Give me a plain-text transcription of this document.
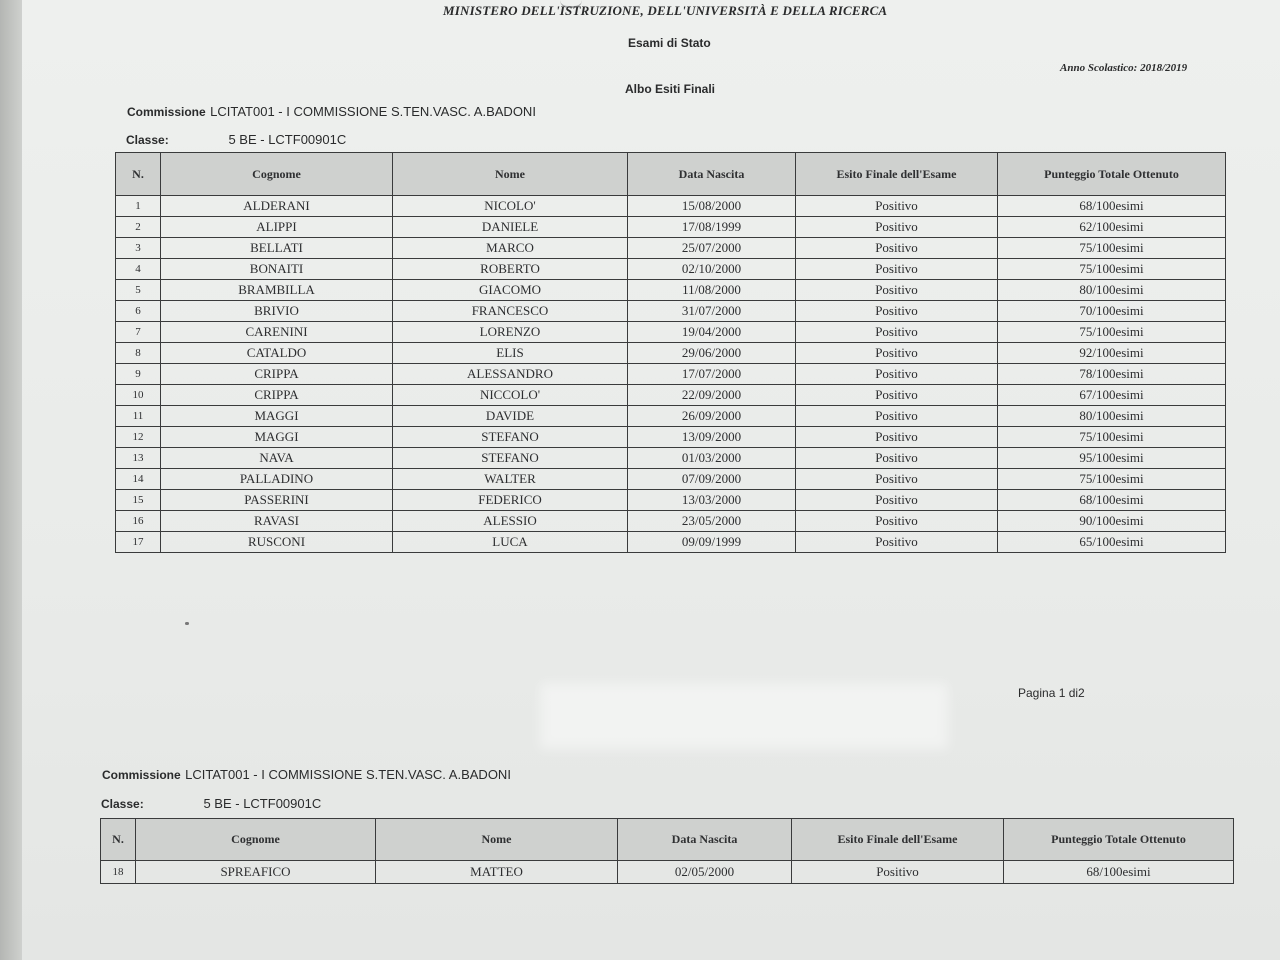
MINISTERO DELL'ISTRUZIONE, DELL'UNIVERSITÀ E DELLA RICERCA
Esami di Stato
Anno Scolastico: 2018/2019
Albo Esiti Finali
Commissione LCITAT001 - I COMMISSIONE S.TEN.VASC. A.BADONI
Classe:	5 BE - LCTF00901C
N.	Cognome	Nome	Data Nascita	Esito Finale dell'Esame	Punteggio Totale Ottenuto
1	ALDERANI	NICOLO'	15/08/2000	Positivo	68/100esimi
2	ALIPPI	DANIELE	17/08/1999	Positivo	62/100esimi
3	BELLATI	MARCO	25/07/2000	Positivo	75/100esimi
4	BONAITI	ROBERTO	02/10/2000	Positivo	75/100esimi
5	BRAMBILLA	GIACOMO	11/08/2000	Positivo	80/100esimi
6	BRIVIO	FRANCESCO	31/07/2000	Positivo	70/100esimi
7	CARENINI	LORENZO	19/04/2000	Positivo	75/100esimi
8	CATALDO	ELIS	29/06/2000	Positivo	92/100esimi
9	CRIPPA	ALESSANDRO	17/07/2000	Positivo	78/100esimi
10	CRIPPA	NICCOLO'	22/09/2000	Positivo	67/100esimi
11	MAGGI	DAVIDE	26/09/2000	Positivo	80/100esimi
12	MAGGI	STEFANO	13/09/2000	Positivo	75/100esimi
13	NAVA	STEFANO	01/03/2000	Positivo	95/100esimi
14	PALLADINO	WALTER	07/09/2000	Positivo	75/100esimi
15	PASSERINI	FEDERICO	13/03/2000	Positivo	68/100esimi
16	RAVASI	ALESSIO	23/05/2000	Positivo	90/100esimi
17	RUSCONI	LUCA	09/09/1999	Positivo	65/100esimi
Pagina 1 di2
Commissione LCITAT001 - I COMMISSIONE S.TEN.VASC. A.BADONI
Classe:	5 BE - LCTF00901C
N.	Cognome	Nome	Data Nascita	Esito Finale dell'Esame	Punteggio Totale Ottenuto
18	SPREAFICO	MATTEO	02/05/2000	Positivo	68/100esimi
